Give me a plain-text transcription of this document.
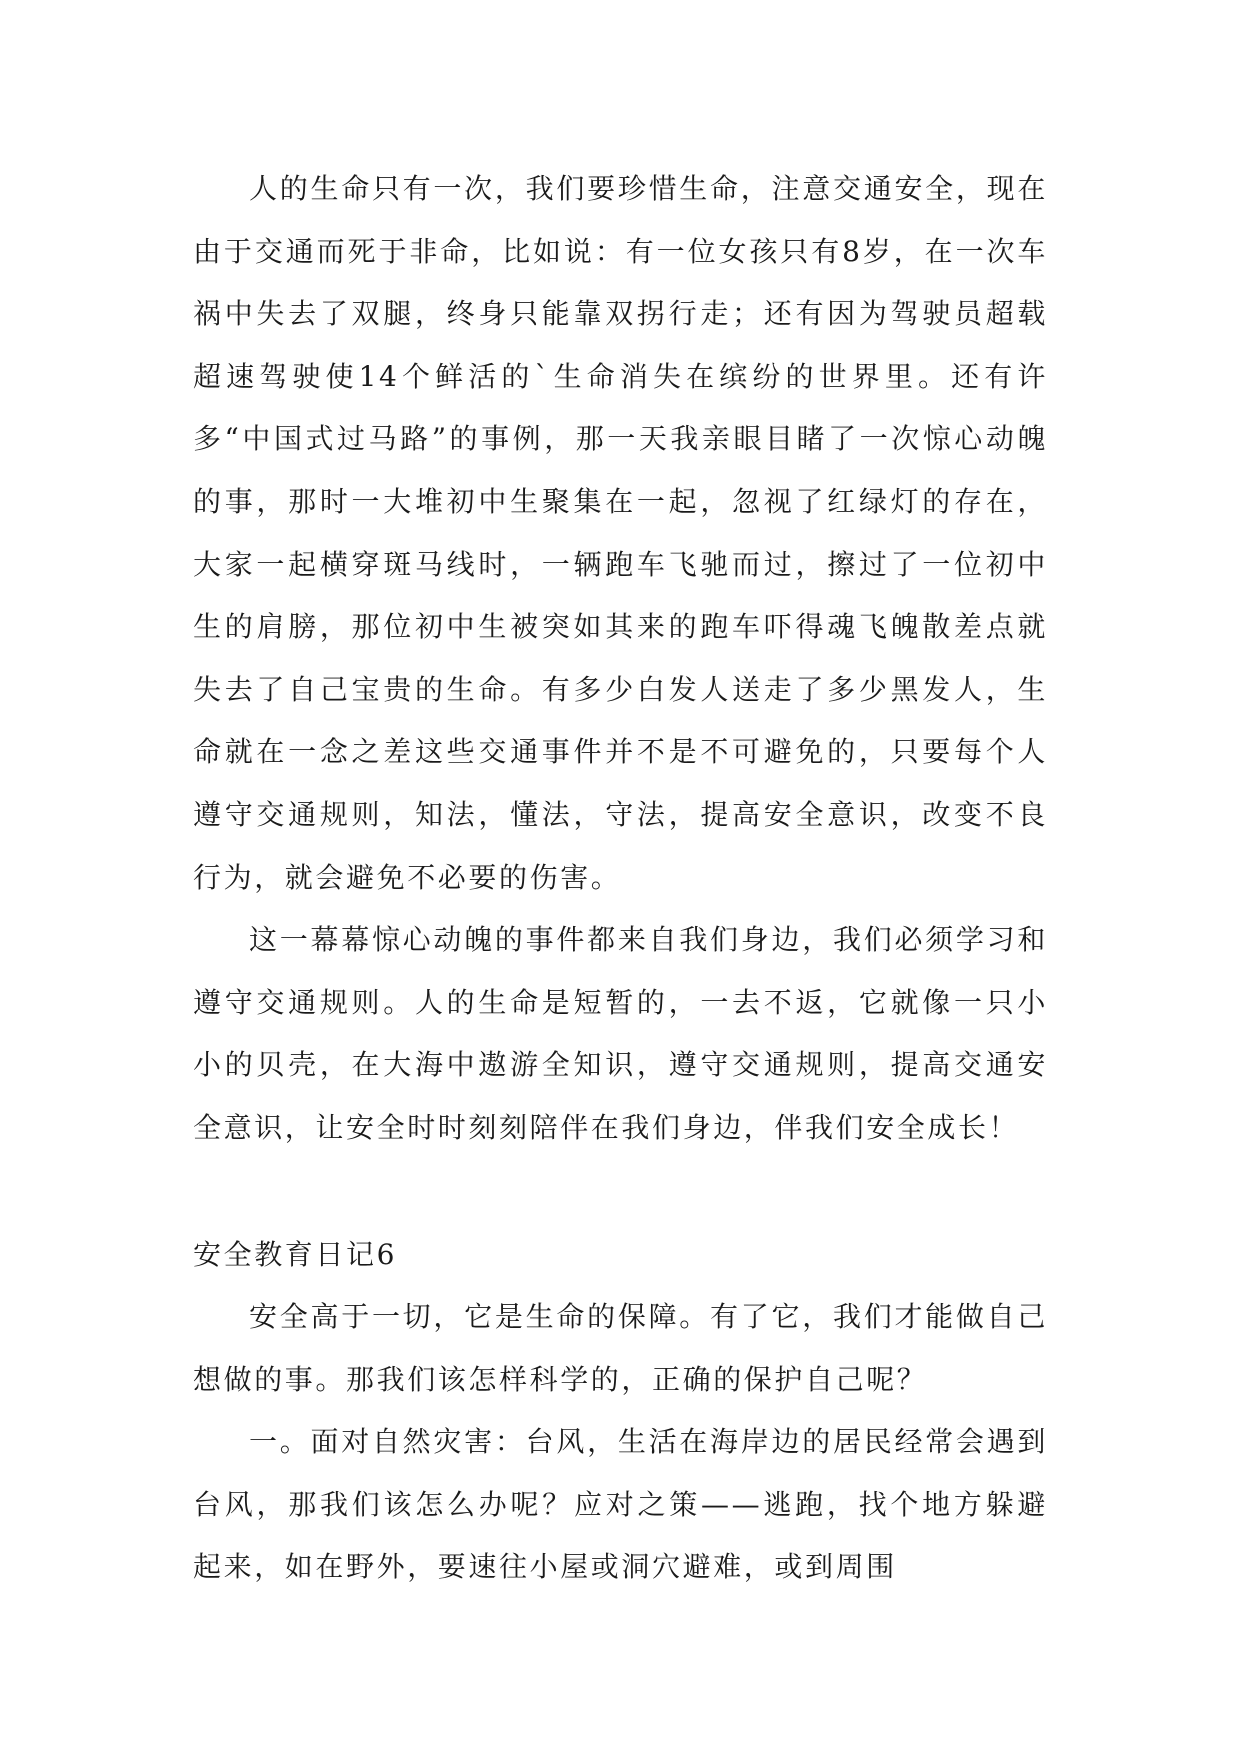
人的生命只有一次，我们要珍惜生命，注意交通安全，现在由于交通而死于非命，比如说：有一位女孩只有8岁，在一次车祸中失去了双腿，终身只能靠双拐行走；还有因为驾驶员超载超速驾驶使14个鲜活的`生命消失在缤纷的世界里。还有许多“中国式过马路”的事例，那一天我亲眼目睹了一次惊心动魄的事，那时一大堆初中生聚集在一起，忽视了红绿灯的存在，大家一起横穿斑马线时，一辆跑车飞驰而过，擦过了一位初中生的肩膀，那位初中生被突如其来的跑车吓得魂飞魄散差点就失去了自己宝贵的生命。有多少白发人送走了多少黑发人，生命就在一念之差这些交通事件并不是不可避免的，只要每个人遵守交通规则，知法，懂法，守法，提高安全意识，改变不良行为，就会避免不必要的伤害。

这一幕幕惊心动魄的事件都来自我们身边，我们必须学习和遵守交通规则。人的生命是短暂的，一去不返，它就像一只小小的贝壳，在大海中遨游全知识，遵守交通规则，提高交通安全意识，让安全时时刻刻陪伴在我们身边，伴我们安全成长！

安全教育日记6

安全高于一切，它是生命的保障。有了它，我们才能做自己想做的事。那我们该怎样科学的，正确的保护自己呢？

一。面对自然灾害：台风，生活在海岸边的居民经常会遇到台风，那我们该怎么办呢？应对之策——逃跑，找个地方躲避起来，如在野外，要速往小屋或洞穴避难，或到周围
